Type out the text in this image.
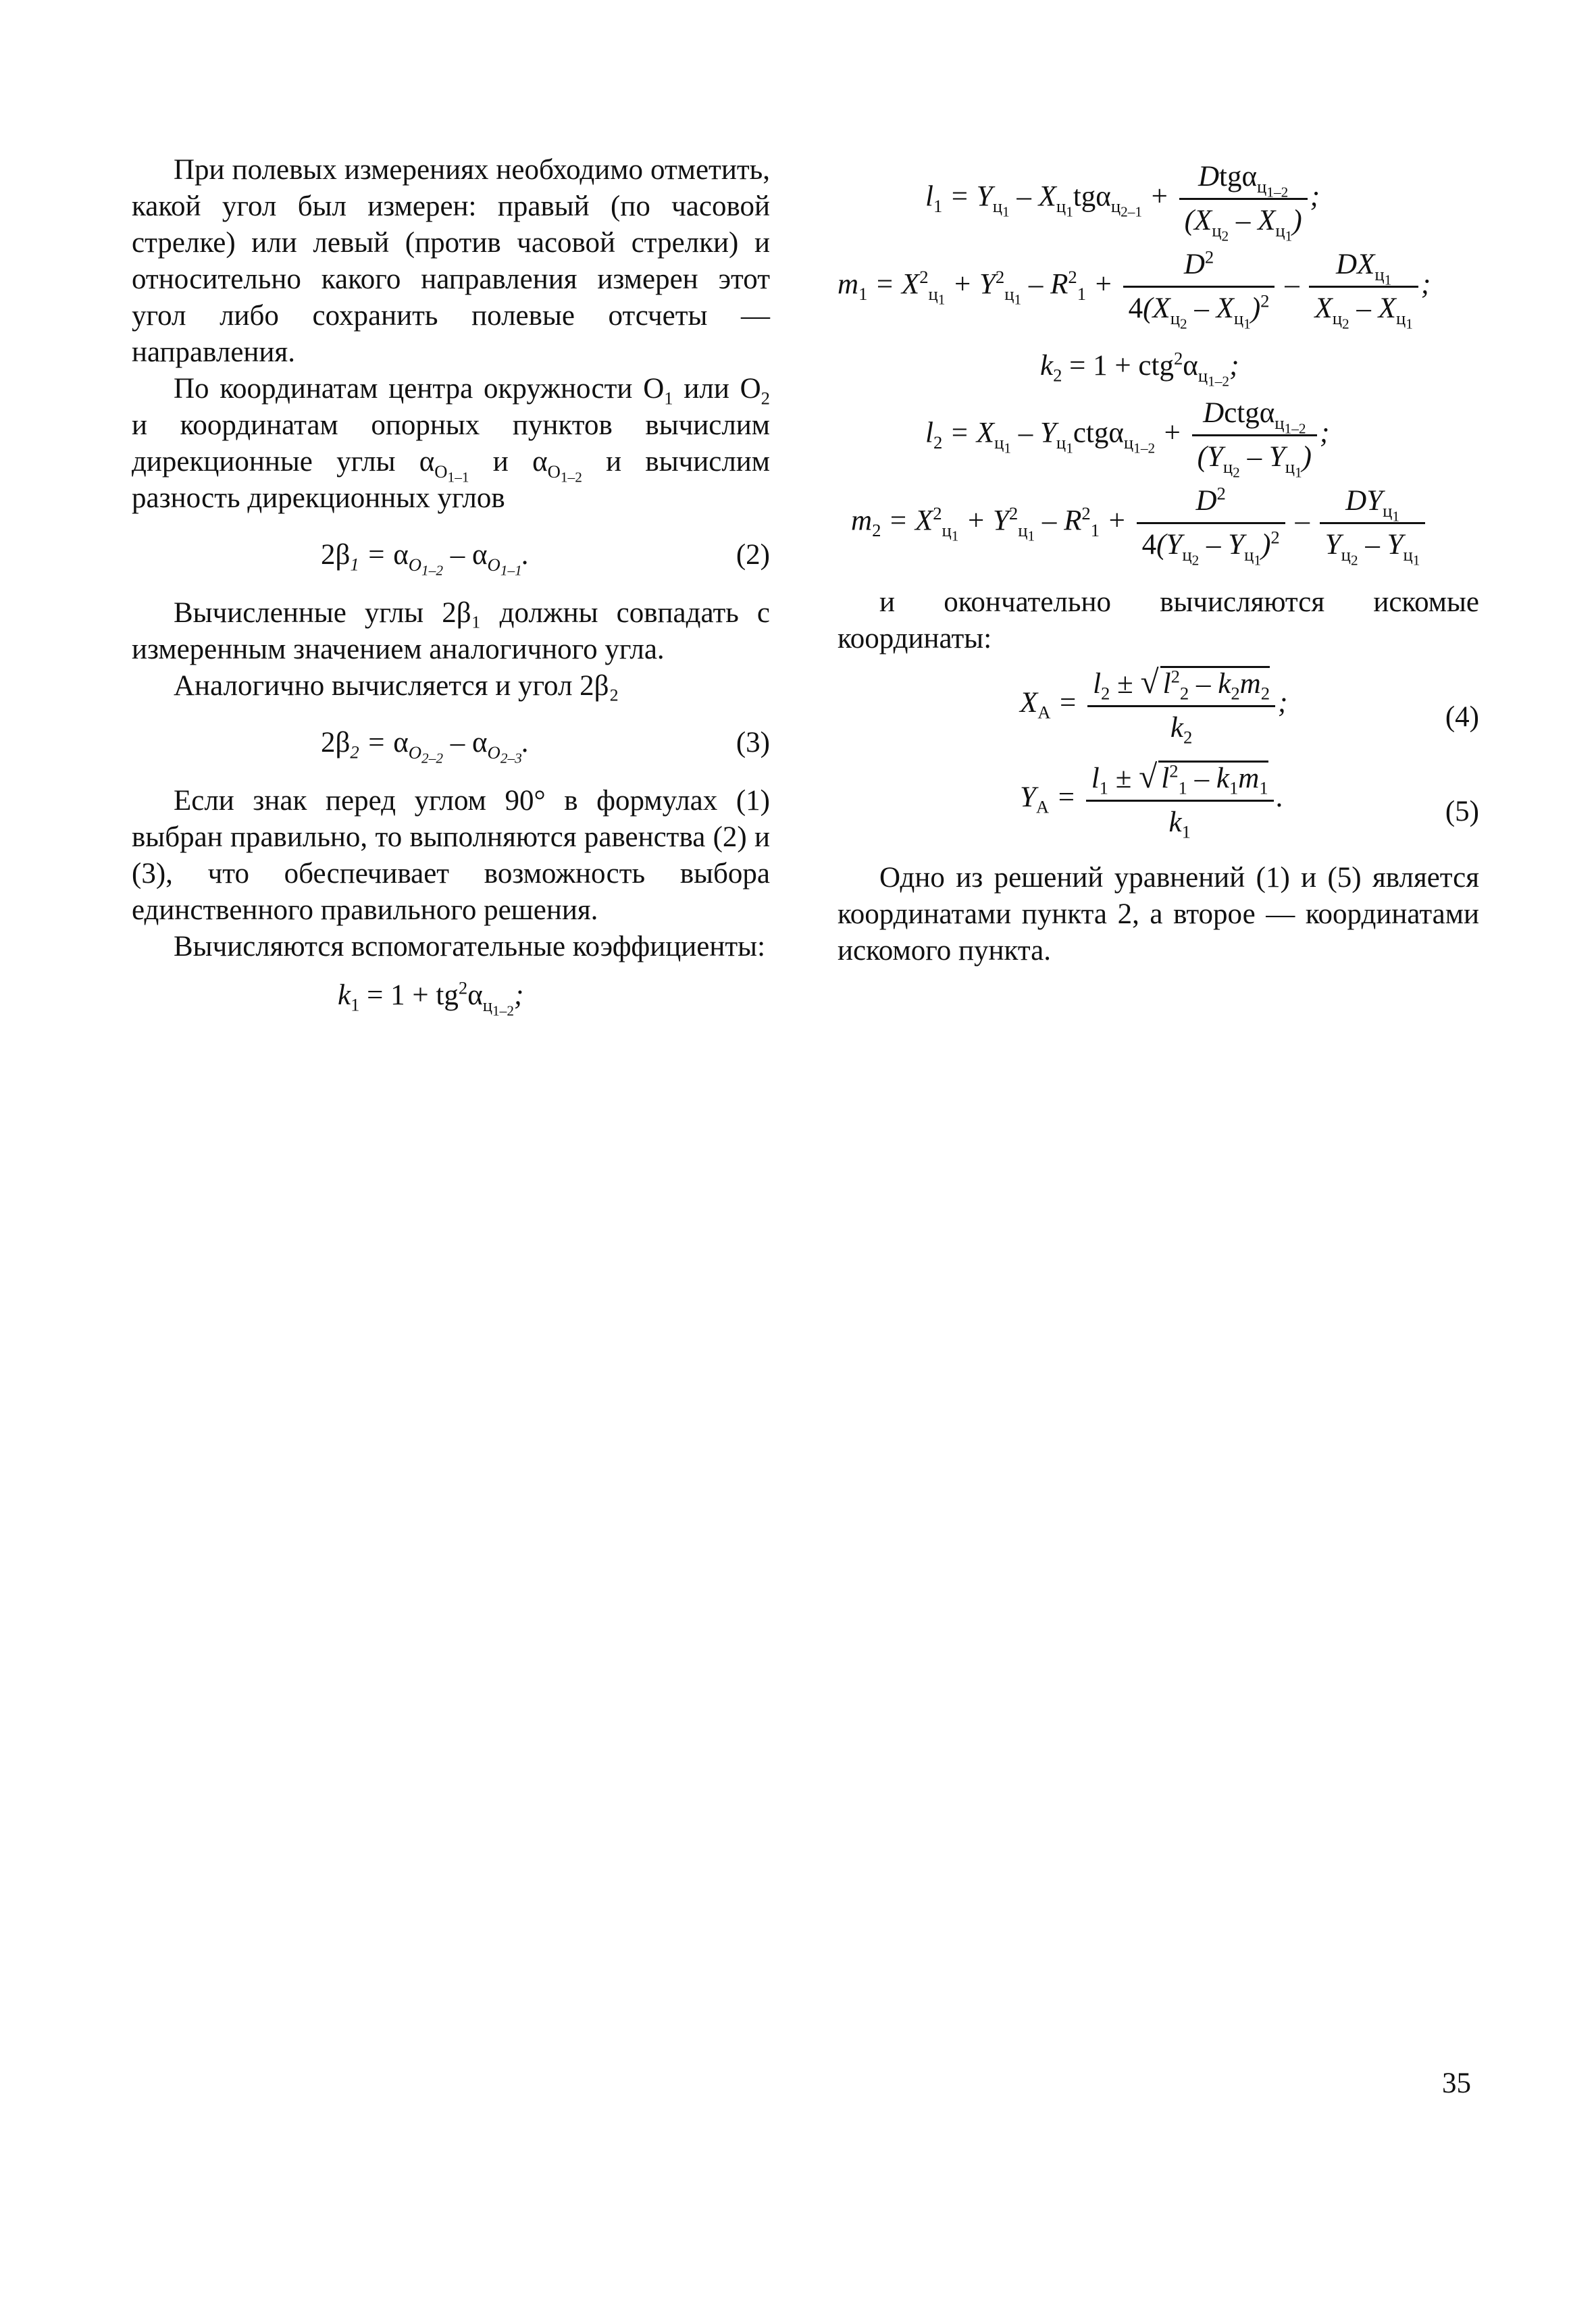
При полевых измерениях необходимо отметить, какой угол был измерен: правый (по часовой стрелке) или левый (против часовой стрелки) и относительно какого направления измерен этот угол либо сохранить полевые отсчеты — направления.

По координатам центра окружности $O_1$ или $O_2$ и координатам опорных пунктов вычислим дирекционные углы $\alpha_{O_{1-1}}$ и $\alpha_{O_{1-2}}$ и вычислим разность дирекционных углов

$2\beta_1 = \alpha_{O_{1-2}} - \alpha_{O_{1-1}}$.	(2)

Вычисленные углы 2β₁ должны совпадать с измеренным значением аналогичного угла.

Аналогично вычисляется и угол 2β₂

$2\beta_2 = \alpha_{O_{2-2}} - \alpha_{O_{2-3}}$.	(3)

Если знак перед углом 90° в формулах (1) выбран правильно, то выполняются равенства (2) и (3), что обеспечивает возможность выбора единственного правильного решения.

Вычисляются вспомогательные коэффициенты:

$k_1 = 1 + tg^2\alpha_{ц_{1-2}}$;
$l_1 = Y_{ц_1} - X_{ц_1}tg\alpha_{ц_{2-1}} + \frac{Dtg\alpha_{ц_{1-2}}}{(X_{ц_2} - X_{ц_1})}$ ;
$m_1 = X^2_{ц_1} + Y^2_{ц_1} - R^2_1 + \frac{D^2}{4(X_{ц_2} - X_{ц_1})^2} - \frac{DX_{ц_1}}{X_{ц_2} - X_{ц_1}}$ ;
$k_2 = 1 + ctg^2\alpha_{ц_{1-2}}$;
$l_2 = X_{ц_1} - Y_{ц_1}ctg\alpha_{ц_{1-2}} + \frac{Dctg\alpha_{ц_{1-2}}}{(Y_{ц_2} - Y_{ц_1})}$ ;
$m_2 = X^2_{ц_1} + Y^2_{ц_1} - R^2_1 + \frac{D^2}{4(Y_{ц_2} - Y_{ц_1})^2} - \frac{DY_{ц_1}}{Y_{ц_2} - Y_{ц_1}}$

и окончательно вычисляются искомые координаты:

$X_A = \frac{l_2 \pm √ l^2_2 - k_2m_2}{k_2}$ ;	(4)
$Y_A = \frac{l_1 \pm √ l^2_1 - k_1m_1}{k_1}$ .	(5)

Одно из решений уравнений (1) и (5) является координатами пункта 2, а второе — координатами искомого пункта.

35
